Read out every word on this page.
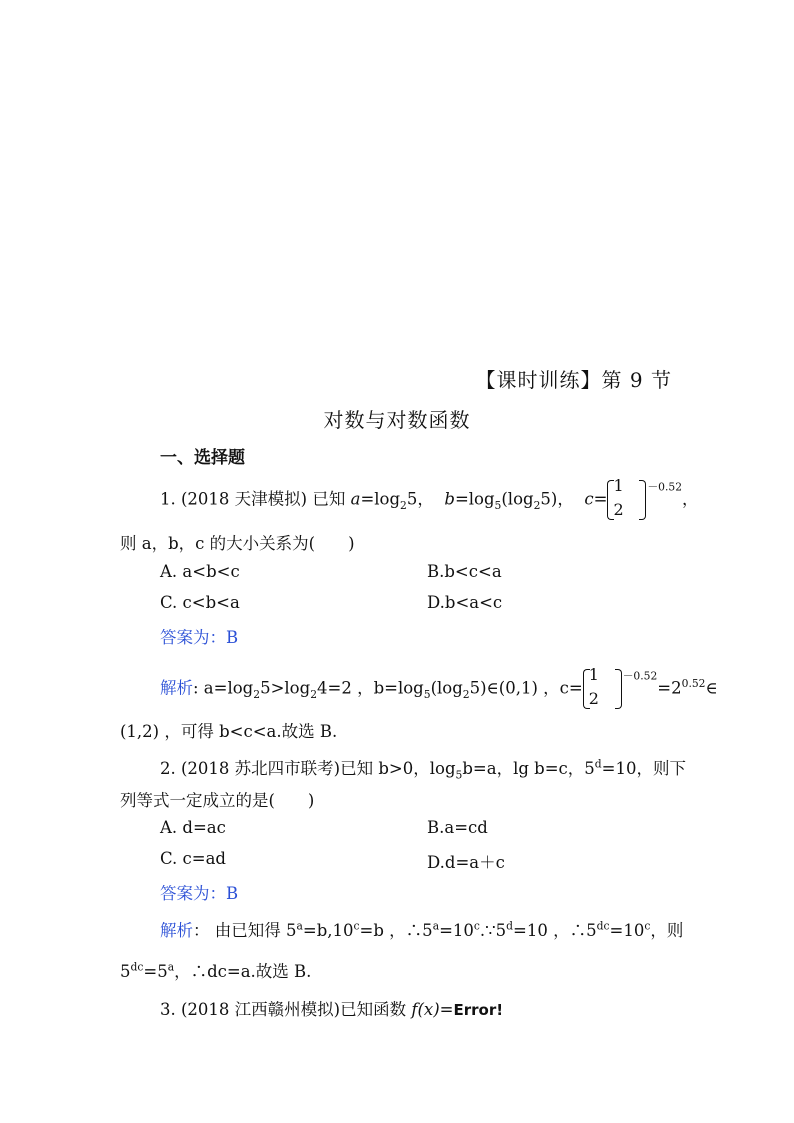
【课时训练】第 9 节
对数与对数函数
一、选择题
1. (2018 天津模拟) 已知 $a=\log_25$， $b=\log_5(\log_25)$， c=
1
2
$^{-0.52}$，
则 a，b，c 的大小关系为(　　)
A. a<b<c	B.b<c<a
C. c<b<a	D.b<a<c
答案为：B
解析: $a=\log_25>\log_24=2$ ，$b=\log_5(\log_25)\in(0,1)$ ，c=
1
2
$^{-0.52}=2^{0.52}\in$
(1,2) ，可得 b<c<a.故选 B.
2. (2018 苏北四市联考)已知 b>0，$\log_5b=a$，lg b=c，$5^d=10$，则下
列等式一定成立的是(　　)
A. d=ac	B.a=cd
C. c=ad	D.d=a＋c
答案为：B
解析： 由已知得 $5^a=b,10^c=b$ ，$\therefore 5^a=10^c.\because 5^d=10$ ，$\therefore 5^{dc}=10^c$，则
$5^{dc}=5^a$，∴dc=a.故选 B.
3. (2018 江西赣州模拟)已知函数 f(x)=Error!
